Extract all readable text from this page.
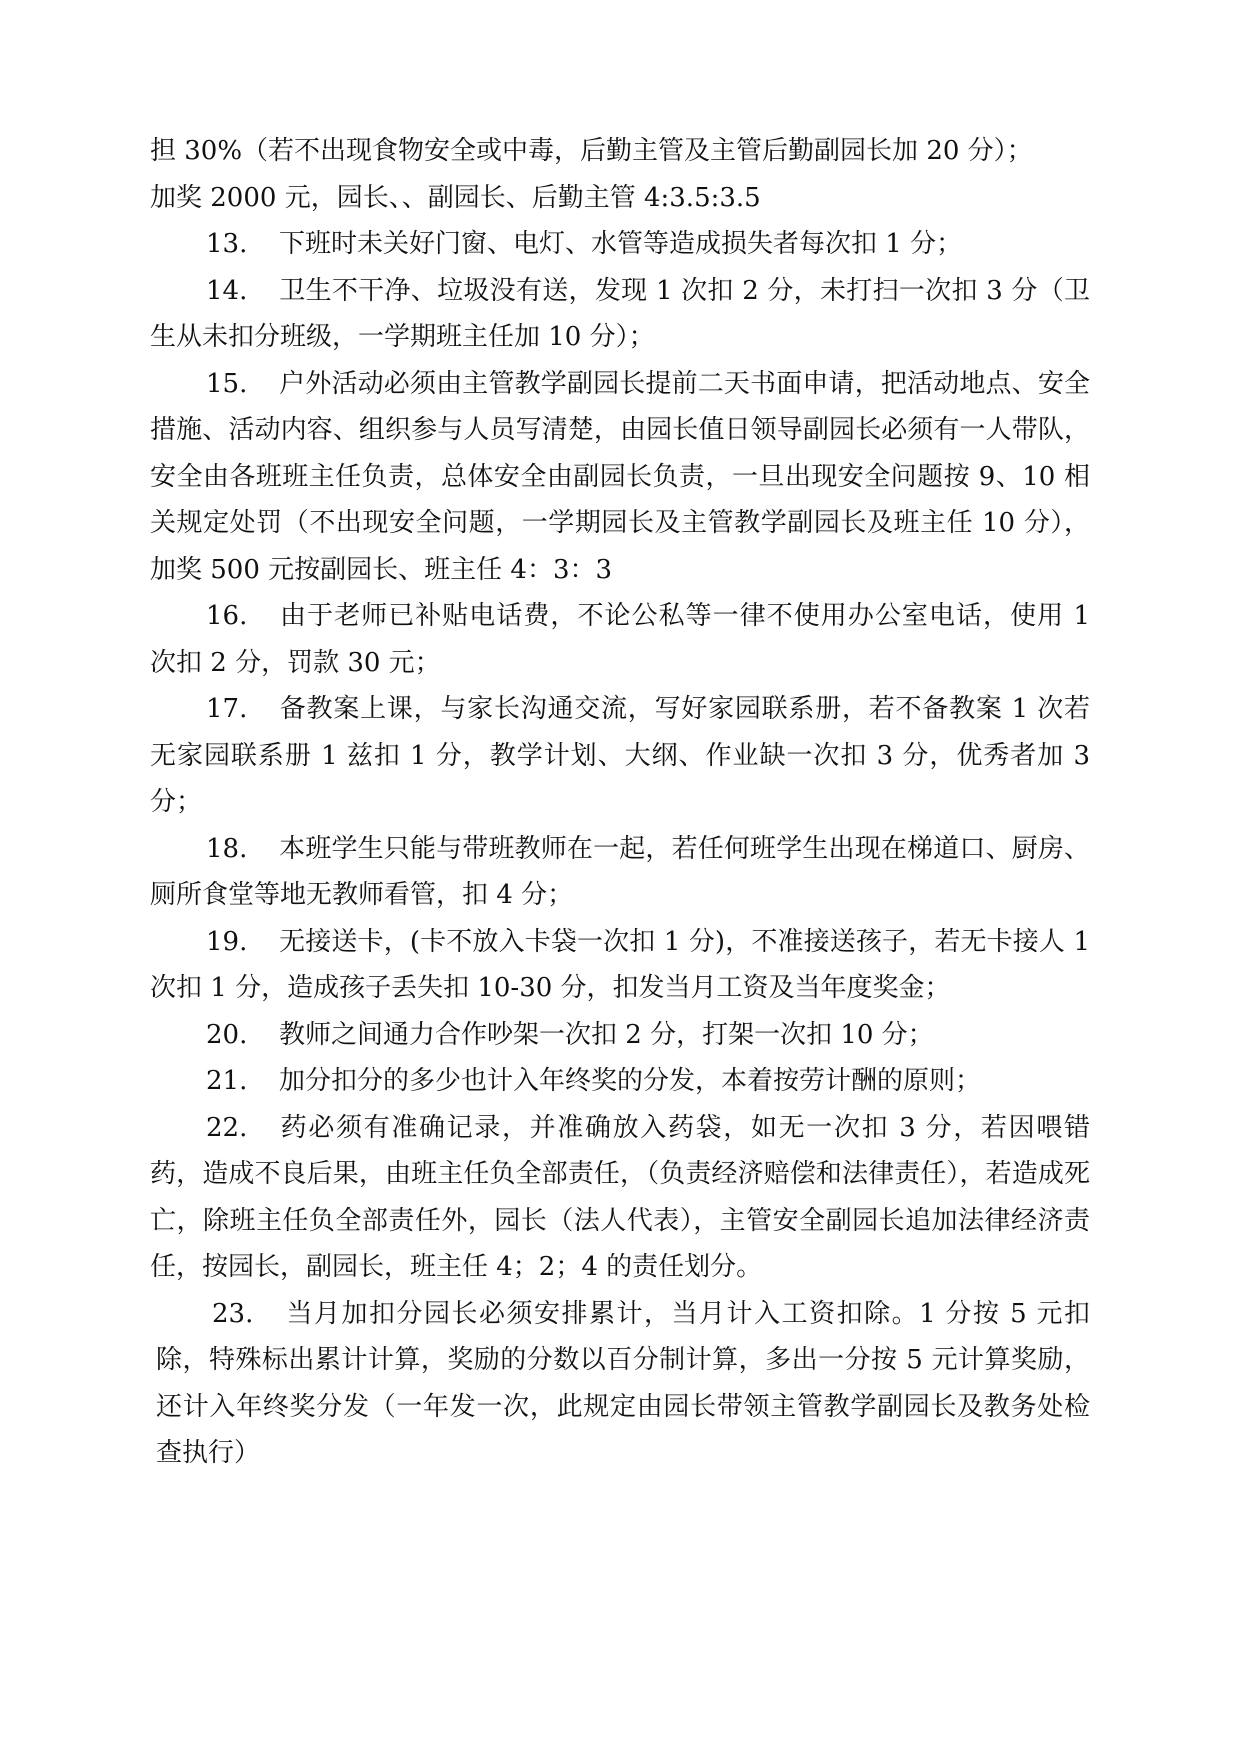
担 30%（若不出现食物安全或中毒，后勤主管及主管后勤副园长加 20 分）；

加奖 2000 元，园长、、副园长、后勤主管 4:3.5:3.5

13. 下班时未关好门窗、电灯、水管等造成损失者每次扣 1 分；

14. 卫生不干净、垃圾没有送，发现 1 次扣 2 分，未打扫一次扣 3 分（卫生从未扣分班级，一学期班主任加 10 分）；

15. 户外活动必须由主管教学副园长提前二天书面申请，把活动地点、安全措施、活动内容、组织参与人员写清楚，由园长值日领导副园长必须有一人带队，安全由各班班主任负责，总体安全由副园长负责，一旦出现安全问题按 9、10 相关规定处罚（不出现安全问题，一学期园长及主管教学副园长及班主任 10 分），加奖 500 元按副园长、班主任 4：3：3

16. 由于老师已补贴电话费，不论公私等一律不使用办公室电话，使用 1 次扣 2 分，罚款 30 元；

17. 备教案上课，与家长沟通交流，写好家园联系册，若不备教案 1 次若无家园联系册 1 兹扣 1 分，教学计划、大纲、作业缺一次扣 3 分，优秀者加 3 分；

18. 本班学生只能与带班教师在一起，若任何班学生出现在梯道口、厨房、厕所食堂等地无教师看管，扣 4 分；

19. 无接送卡，(卡不放入卡袋一次扣 1 分)，不准接送孩子，若无卡接人 1 次扣 1 分，造成孩子丢失扣 10-30 分，扣发当月工资及当年度奖金；

20. 教师之间通力合作吵架一次扣 2 分，打架一次扣 10 分；

21. 加分扣分的多少也计入年终奖的分发，本着按劳计酬的原则；

22. 药必须有准确记录，并准确放入药袋，如无一次扣 3 分，若因喂错药，造成不良后果，由班主任负全部责任，（负责经济赔偿和法律责任），若造成死亡，除班主任负全部责任外，园长（法人代表），主管安全副园长追加法律经济责任，按园长，副园长，班主任 4；2；4 的责任划分。

23. 当月加扣分园长必须安排累计，当月计入工资扣除。1 分按 5 元扣除，特殊标出累计计算，奖励的分数以百分制计算，多出一分按 5 元计算奖励，还计入年终奖分发（一年发一次，此规定由园长带领主管教学副园长及教务处检查执行）
